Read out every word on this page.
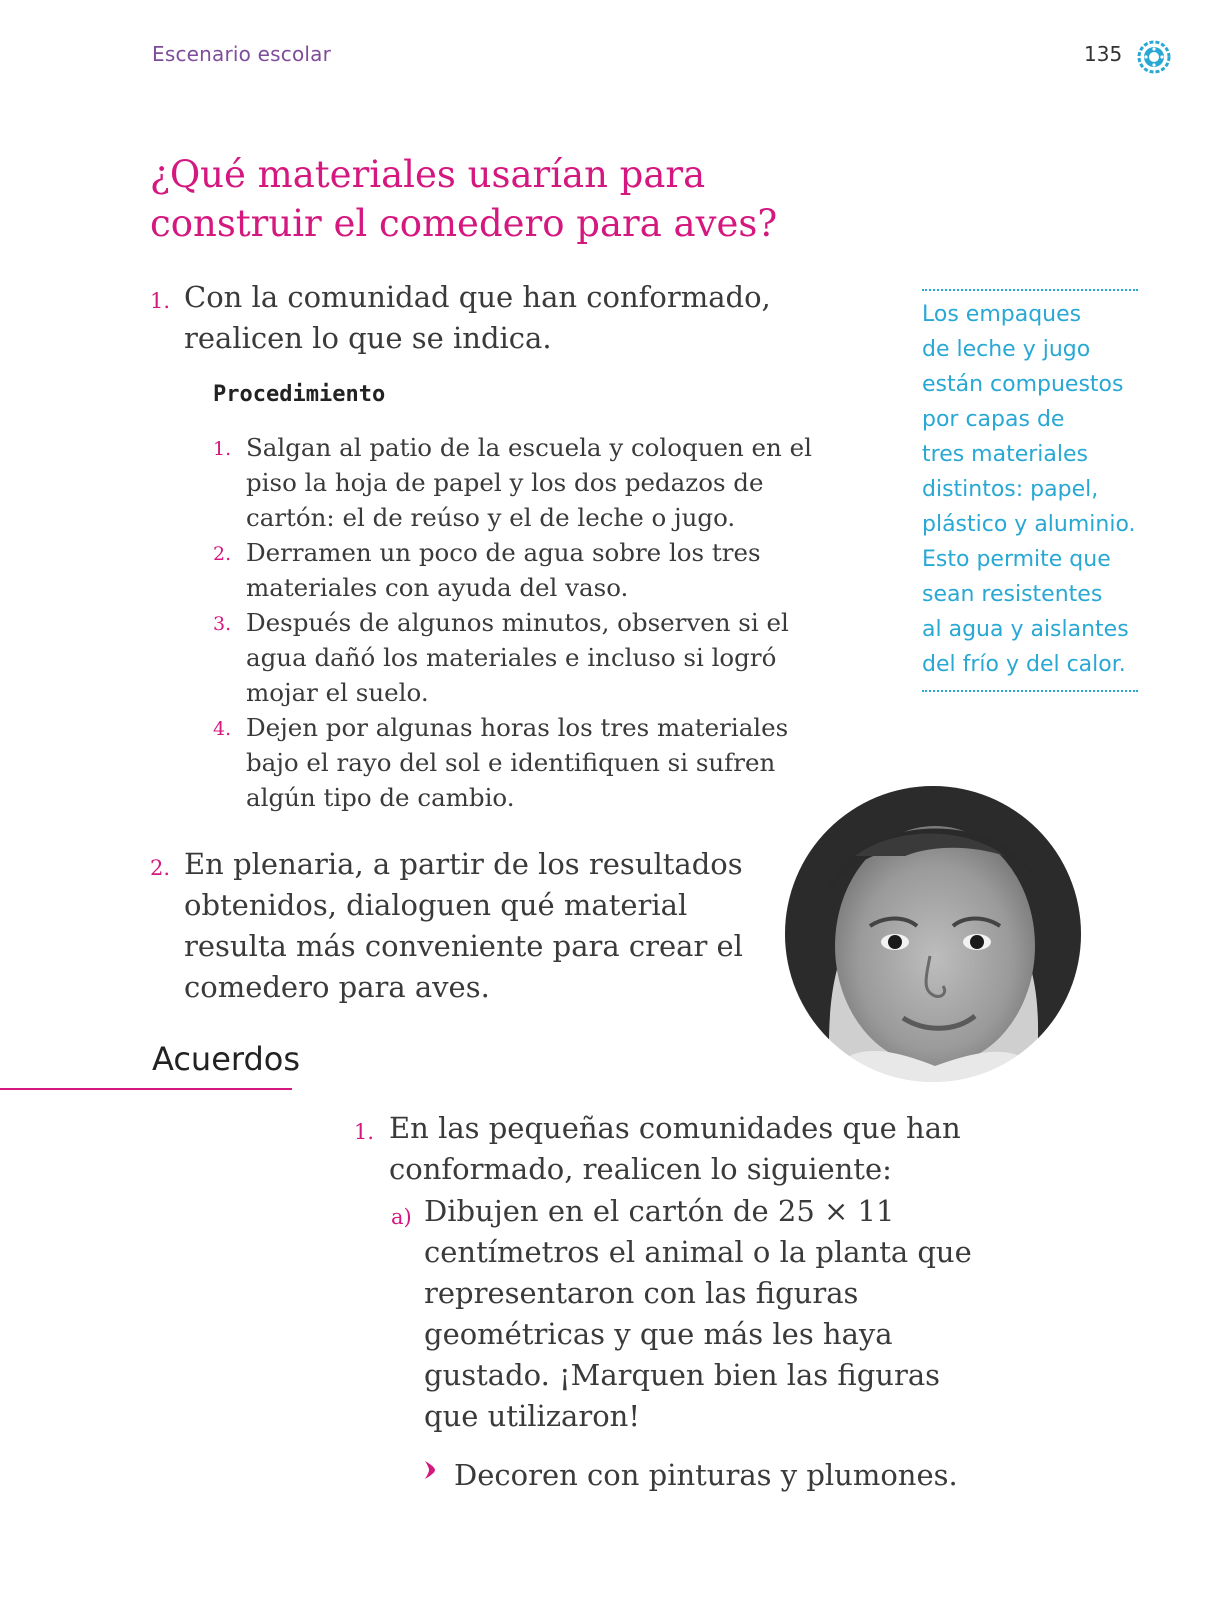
Escenario escolar	135
¿Qué materiales usarían para construir el comedero para aves?
1. Con la comunidad que han conformado, realicen lo que se indica.
Procedimiento
1. Salgan al patio de la escuela y coloquen en el piso la hoja de papel y los dos pedazos de cartón: el de reúso y el de leche o jugo.
2. Derramen un poco de agua sobre los tres materiales con ayuda del vaso.
3. Después de algunos minutos, observen si el agua dañó los materiales e incluso si logró mojar el suelo.
4. Dejen por algunas horas los tres materiales bajo el rayo del sol e identifiquen si sufren algún tipo de cambio.
2. En plenaria, a partir de los resultados obtenidos, dialoguen qué material resulta más conveniente para crear el comedero para aves.
Los empaques
de leche y jugo
están compuestos
por capas de
tres materiales
distintos: papel,
plástico y aluminio.
Esto permite que
sean resistentes
al agua y aislantes
del frío y del calor.
Acuerdos
1. En las pequeñas comunidades que han conformado, realicen lo siguiente:
a) Dibujen en el cartón de 25 × 11 centímetros el animal o la planta que representaron con las figuras geométricas y que más les haya gustado. ¡Marquen bien las figuras que utilizaron!
Decoren con pinturas y plumones.
